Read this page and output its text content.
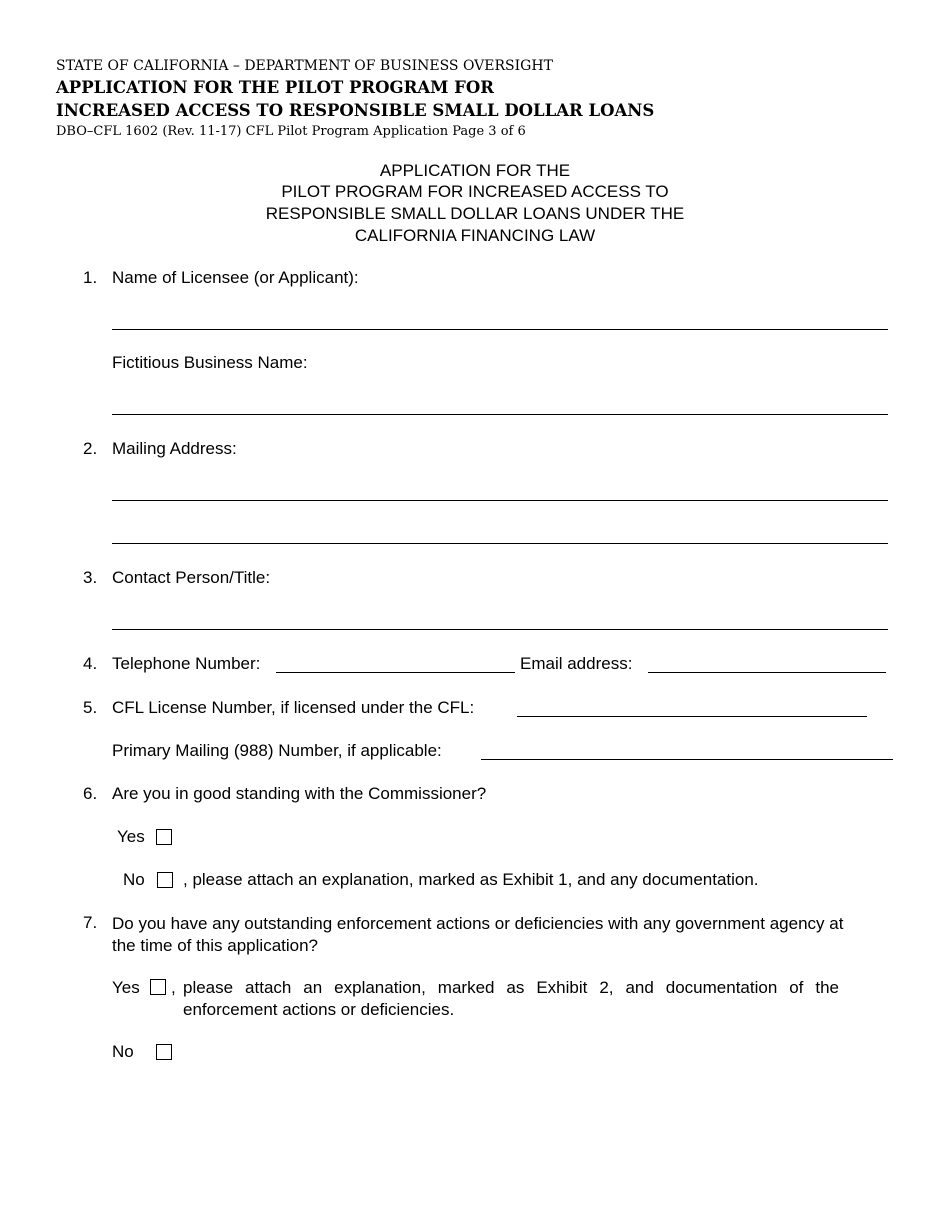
STATE OF CALIFORNIA – DEPARTMENT OF BUSINESS OVERSIGHT
APPLICATION FOR THE PILOT PROGRAM FOR
INCREASED ACCESS TO RESPONSIBLE SMALL DOLLAR LOANS
DBO–CFL 1602 (Rev. 11-17) CFL Pilot Program Application Page 3 of 6
APPLICATION FOR THE
PILOT PROGRAM FOR INCREASED ACCESS TO
RESPONSIBLE SMALL DOLLAR LOANS UNDER THE
CALIFORNIA FINANCING LAW
1. Name of Licensee (or Applicant):
Fictitious Business Name:
2. Mailing Address:
3. Contact Person/Title:
4. Telephone Number:	Email address:
5. CFL License Number, if licensed under the CFL:
Primary Mailing (988) Number, if applicable:
6. Are you in good standing with the Commissioner?
Yes
No , please attach an explanation, marked as Exhibit 1, and any documentation.
7. Do you have any outstanding enforcement actions or deficiencies with any government agency at the time of this application?
Yes , please attach an explanation, marked as Exhibit 2, and documentation of the enforcement actions or deficiencies.
No
